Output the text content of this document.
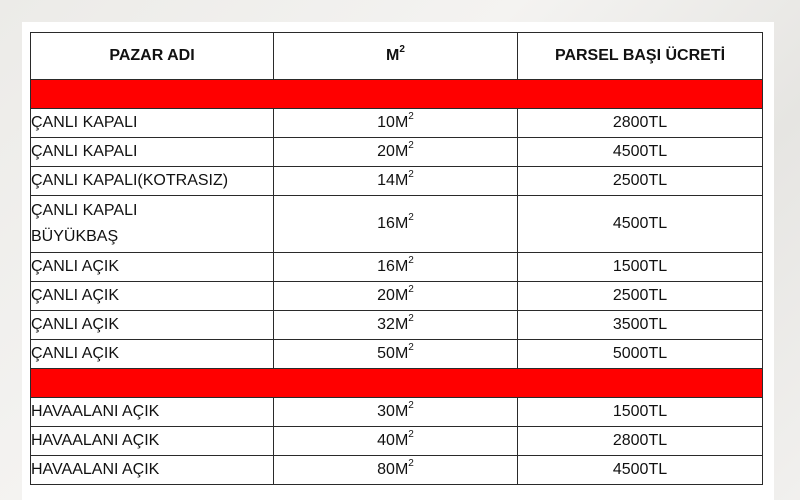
PAZAR ADI	$M^2$	PARSEL BAŞI ÜCRETİ

ÇANLI KAPALI	$10M^2$	2800TL
ÇANLI KAPALI	$20M^2$	4500TL
ÇANLI KAPALI(KOTRASIZ)	$14M^2$	2500TL

ÇANLI KAPALI
BÜYÜKBAŞ	$16M^2$	4500TL
ÇANLI AÇIK	$16M^2$	1500TL
ÇANLI AÇIK	$20M^2$	2500TL
ÇANLI AÇIK	$32M^2$	3500TL
ÇANLI AÇIK	$50M^2$	5000TL

HAVAALANI AÇIK	$30M^2$	1500TL
HAVAALANI AÇIK	$40M^2$	2800TL
HAVAALANI AÇIK	$80M^2$	4500TL
